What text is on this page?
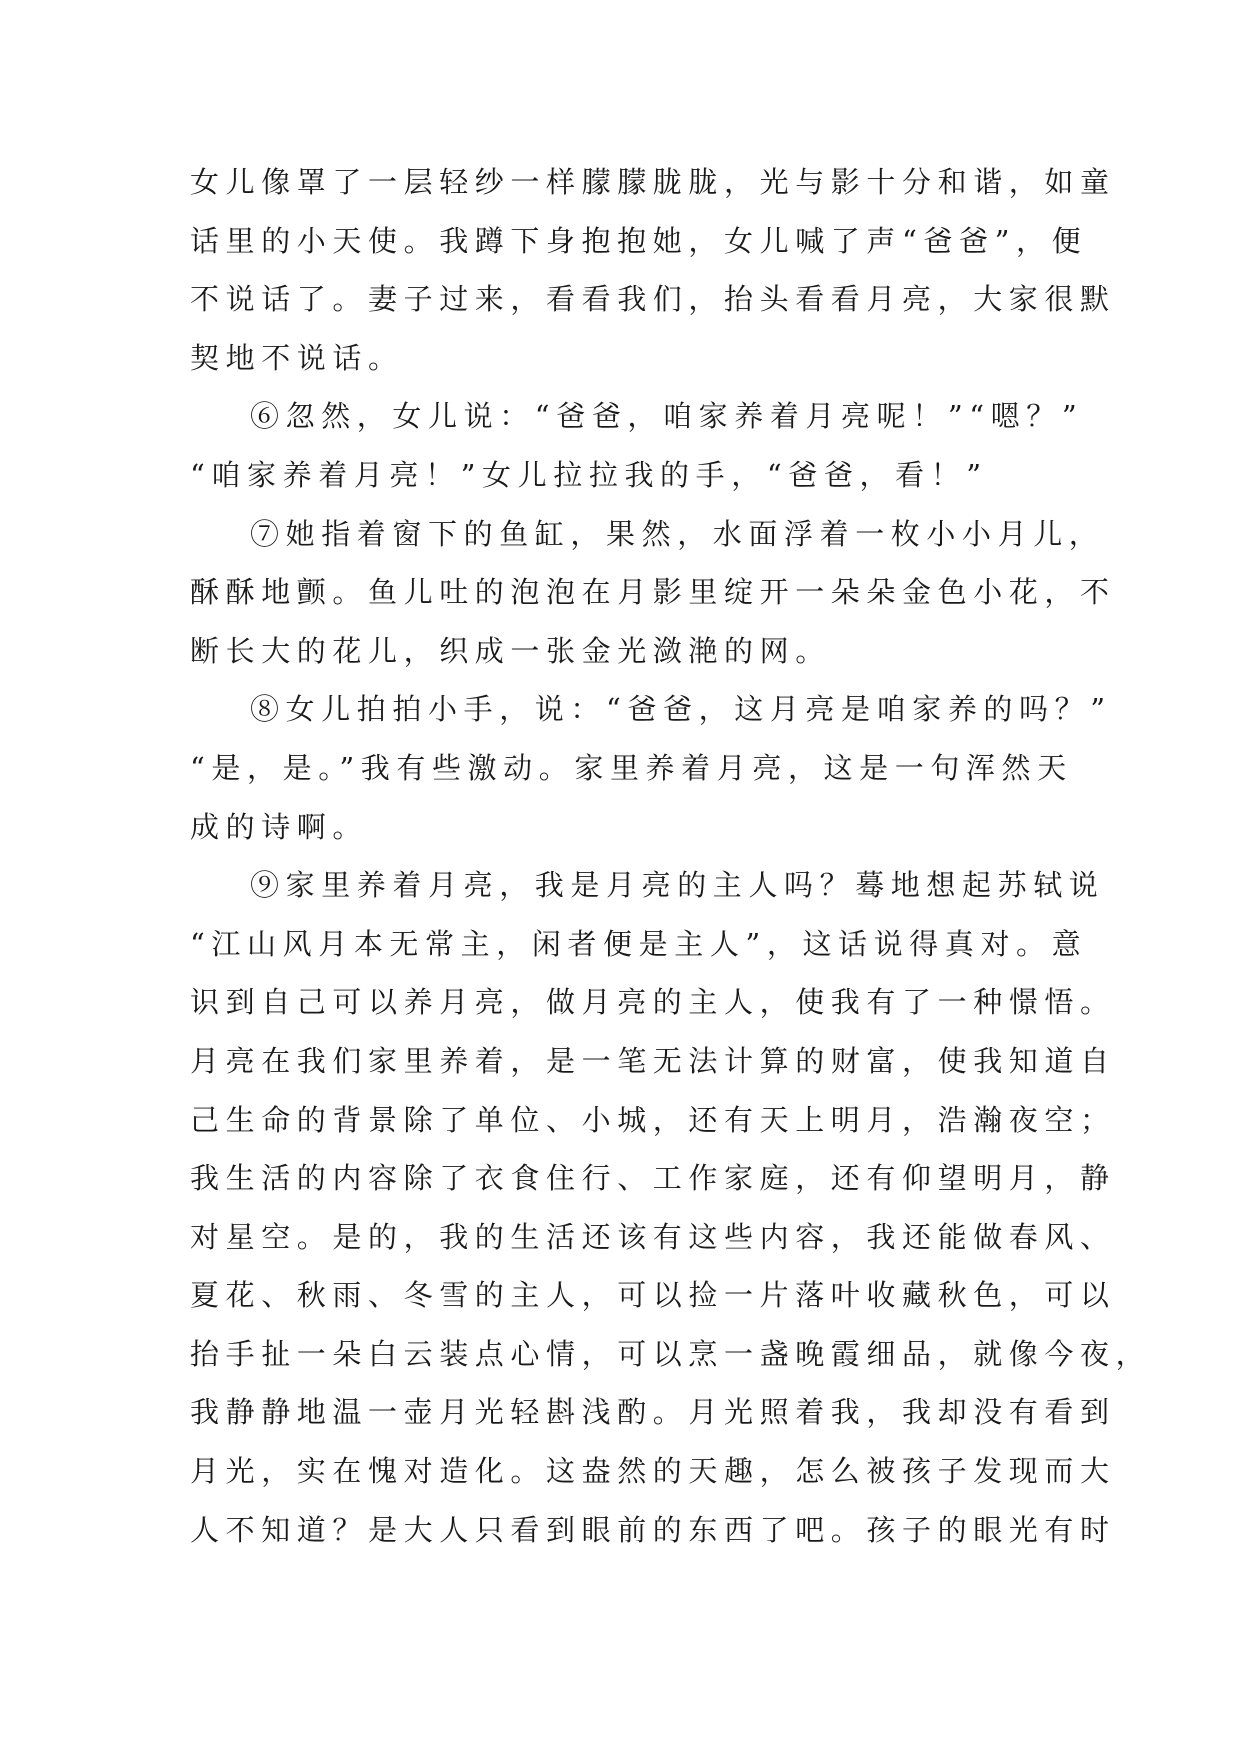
女儿像罩了一层轻纱一样朦朦胧胧，光与影十分和谐，如童
话里的小天使。我蹲下身抱抱她，女儿喊了声“爸爸”，便
不说话了。妻子过来，看看我们，抬头看看月亮，大家很默
契地不说话。
⑥忽然，女儿说：“爸爸，咱家养着月亮呢！”“嗯？”
“咱家养着月亮！”女儿拉拉我的手，“爸爸，看！”
⑦她指着窗下的鱼缸，果然，水面浮着一枚小小月儿，
酥酥地颤。鱼儿吐的泡泡在月影里绽开一朵朵金色小花，不
断长大的花儿，织成一张金光潋滟的网。
⑧女儿拍拍小手，说：“爸爸，这月亮是咱家养的吗？”
“是，是。”我有些激动。家里养着月亮，这是一句浑然天
成的诗啊。
⑨家里养着月亮，我是月亮的主人吗？蓦地想起苏轼说
“江山风月本无常主，闲者便是主人”，这话说得真对。意
识到自己可以养月亮，做月亮的主人，使我有了一种憬悟。
月亮在我们家里养着，是一笔无法计算的财富，使我知道自
己生命的背景除了单位、小城，还有天上明月，浩瀚夜空；
我生活的内容除了衣食住行、工作家庭，还有仰望明月，静
对星空。是的，我的生活还该有这些内容，我还能做春风、
夏花、秋雨、冬雪的主人，可以捡一片落叶收藏秋色，可以
抬手扯一朵白云装点心情，可以烹一盏晚霞细品，就像今夜，
我静静地温一壶月光轻斟浅酌。月光照着我，我却没有看到
月光，实在愧对造化。这盎然的天趣，怎么被孩子发现而大
人不知道？是大人只看到眼前的东西了吧。孩子的眼光有时
